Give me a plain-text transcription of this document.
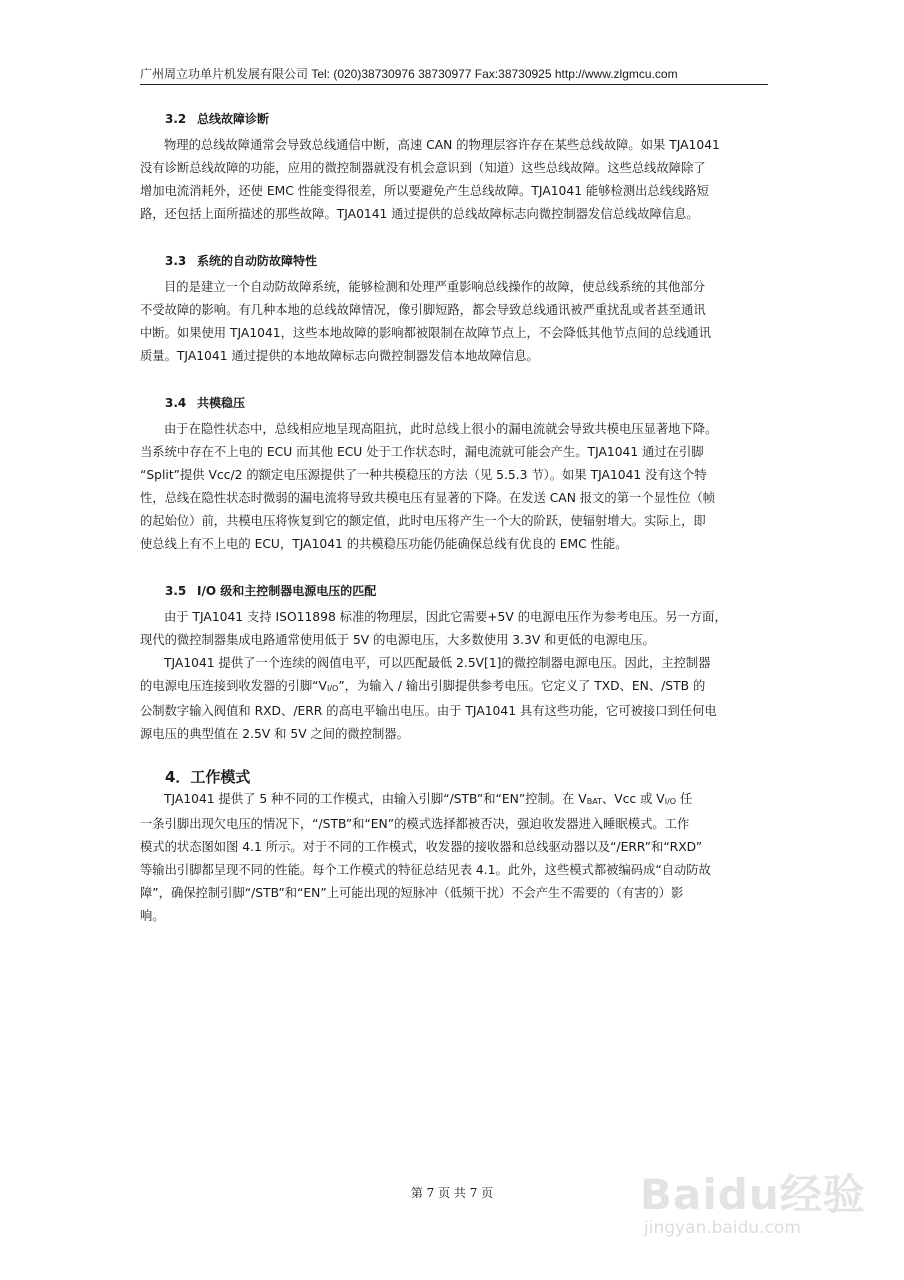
广州周立功单片机发展有限公司 Tel: (020)38730976 38730977 Fax:38730925 http://www.zlgmcu.com
3.2 总线故障诊断

物理的总线故障通常会导致总线通信中断，高速 CAN 的物理层容许存在某些总线故障。如果 TJA1041
没有诊断总线故障的功能，应用的微控制器就没有机会意识到（知道）这些总线故障。这些总线故障除了
增加电流消耗外，还使 EMC 性能变得很差，所以要避免产生总线故障。TJA1041 能够检测出总线线路短
路，还包括上面所描述的那些故障。TJA0141 通过提供的总线故障标志向微控制器发信总线故障信息。

3.3 系统的自动防故障特性

目的是建立一个自动防故障系统，能够检测和处理严重影响总线操作的故障，使总线系统的其他部分
不受故障的影响。有几种本地的总线故障情况，像引脚短路，都会导致总线通讯被严重扰乱或者甚至通讯
中断。如果使用 TJA1041，这些本地故障的影响都被限制在故障节点上，不会降低其他节点间的总线通讯
质量。TJA1041 通过提供的本地故障标志向微控制器发信本地故障信息。

3.4 共模稳压

由于在隐性状态中，总线相应地呈现高阻抗，此时总线上很小的漏电流就会导致共模电压显著地下降。
当系统中存在不上电的 ECU 而其他 ECU 处于工作状态时，漏电流就可能会产生。TJA1041 通过在引脚
“Split”提供 Vcc/2 的额定电压源提供了一种共模稳压的方法（见 5.5.3 节）。如果 TJA1041 没有这个特
性，总线在隐性状态时微弱的漏电流将导致共模电压有显著的下降。在发送 CAN 报文的第一个显性位（帧
的起始位）前，共模电压将恢复到它的额定值，此时电压将产生一个大的阶跃，使辐射增大。实际上，即
使总线上有不上电的 ECU，TJA1041 的共模稳压功能仍能确保总线有优良的 EMC 性能。

3.5 I/O 级和主控制器电源电压的匹配

由于 TJA1041 支持 ISO11898 标准的物理层，因此它需要+5V 的电源电压作为参考电压。另一方面，
现代的微控制器集成电路通常使用低于 5V 的电源电压，大多数使用 3.3V 和更低的电源电压。

TJA1041 提供了一个连续的阀值电平，可以匹配最低 2.5V[1]的微控制器电源电压。因此，主控制器
的电源电压连接到收发器的引脚“$V_{I/O}$”，为输入 / 输出引脚提供参考电压。它定义了 TXD、EN、/STB 的
公制数字输入阀值和 RXD、/ERR 的高电平输出电压。由于 TJA1041 具有这些功能，它可被接口到任何电
源电压的典型值在 2.5V 和 5V 之间的微控制器。

4．工作模式

TJA1041 提供了 5 种不同的工作模式，由输入引脚“/STB”和“EN”控制。在 $V_{BAT}$、Vcc 或 $V_{I/O}$ 任
一条引脚出现欠电压的情况下，“/STB”和“EN”的模式选择都被否决，强迫收发器进入睡眠模式。工作
模式的状态图如图 4.1 所示。对于不同的工作模式，收发器的接收器和总线驱动器以及“/ERR”和“RXD”
等输出引脚都呈现不同的性能。每个工作模式的特征总结见表 4.1。此外，这些模式都被编码成“自动防故
障”，确保控制引脚“/STB”和“EN”上可能出现的短脉冲（低频干扰）不会产生不需要的（有害的）影
响。

第 7 页 共 7 页	Baidu经验
jingyan.baidu.com
